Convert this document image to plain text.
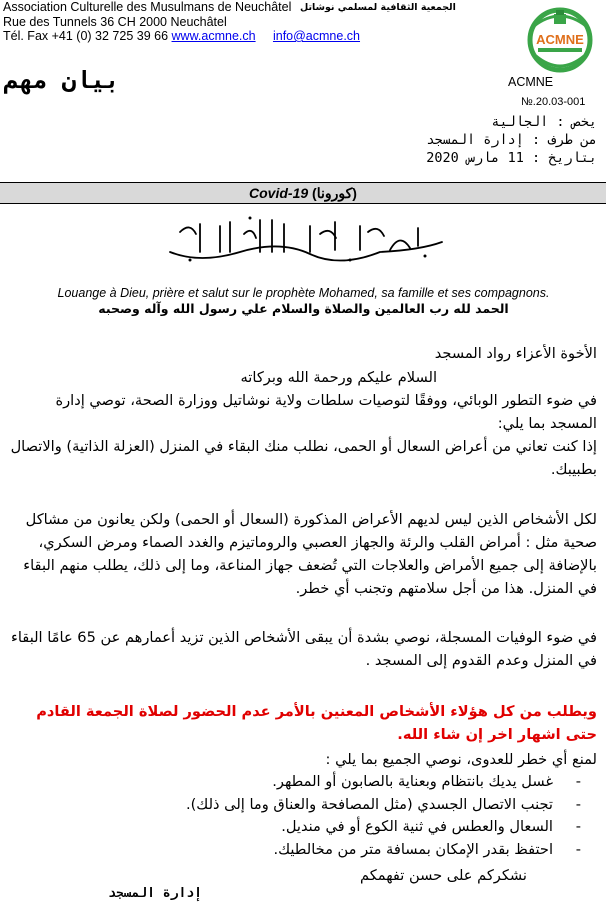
Association Culturelle des Musulmans de Neuchâtel
Rue des Tunnels 36 CH 2000 Neuchâtel
Tél. Fax +41 (0) 32 725 39 66 www.acmne.ch info@acmne.ch
الجمعية الثقافية لمسلمي نوشاتل
ACMNE
بيان مهم	ACMNE
№.20.03-001
يخص : الجالية
من طرف : إدارة المسجد
بتاريخ : 11 مارس 2020
Covid-19 (كورونا)
Louange à Dieu, prière et salut sur le prophète Mohamed, sa famille et ses compagnons.
الحمد لله رب العالمين والصلاة والسلام علي رسول الله وآله وصحبه
الأخوة الأعزاء رواد المسجد
السلام عليكم ورحمة الله وبركاته
في ضوء التطور الوبائي، ووفقًا لتوصيات سلطات ولاية نوشاتيل ووزارة الصحة، توصي إدارة المسجد بما يلي:
إذا كنت تعاني من أعراض السعال أو الحمى، نطلب منك البقاء في المنزل (العزلة الذاتية) والاتصال بطبيبك.
لكل الأشخاص الذين ليس لديهم الأعراض المذكورة (السعال أو الحمى) ولكن يعانون من مشاكل صحية مثل : أمراض القلب والرئة والجهاز العصبي والروماتيزم والغدد الصماء ومرض السكري، بالإضافة إلى جميع الأمراض والعلاجات التي تُضعف جهاز المناعة، وما إلى ذلك، يطلب منهم البقاء في المنزل. هذا من أجل سلامتهم وتجنب أي خطر.
في ضوء الوفيات المسجلة، نوصي بشدة أن يبقى الأشخاص الذين تزيد أعمارهم عن 65 عامًا البقاء في المنزل وعدم القدوم إلى المسجد .
ويطلب من كل هؤلاء الأشخاص المعنين بالأمر عدم الحضور لصلاة الجمعة القادم حتى اشهار اخر إن شاء الله.
لمنع أي خطر للعدوى، نوصي الجميع بما يلي :
- غسل يديك بانتظام وبعناية بالصابون أو المطهر.
- تجنب الاتصال الجسدي (مثل المصافحة والعناق وما إلى ذلك).
- السعال والعطس في ثنية الكوع أو في منديل.
- احتفظ بقدر الإمكان بمسافة متر من مخالطيك.
نشكركم على حسن تفهمكم
إدارة المسجد
